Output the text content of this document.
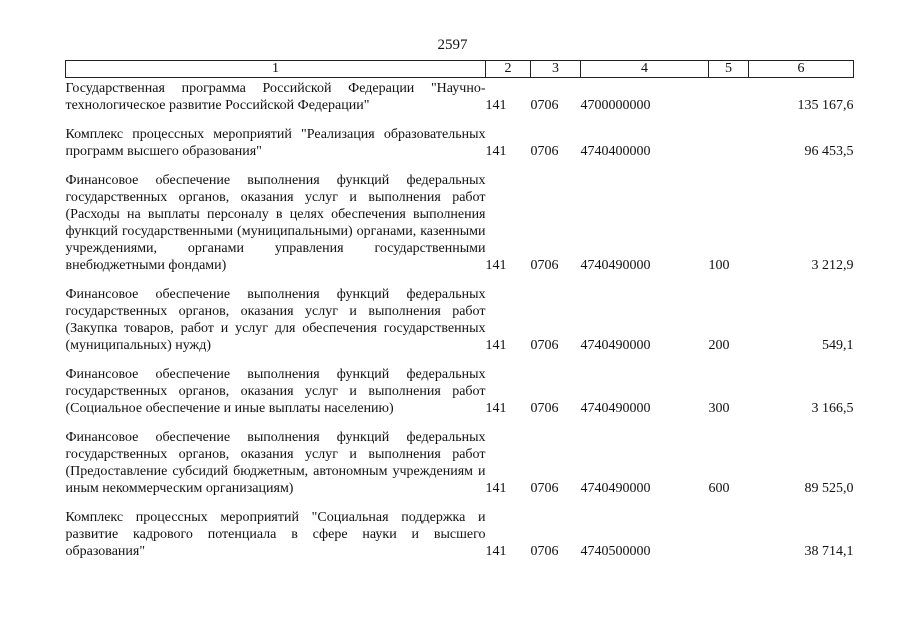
2597
1	2	3	4	5	6
Государственная программа Российской Федерации "Научно-технологическое развитие Российской Федерации"	141	0706	4700000000		135 167,6

Комплекс процессных мероприятий "Реализация образовательных программ высшего образования"	141	0706	4740400000		96 453,5

Финансовое обеспечение выполнения функций федеральных государственных органов, оказания услуг и выполнения работ (Расходы на выплаты персоналу в целях обеспечения выполнения функций государственными (муниципальными) органами, казенными учреждениями, органами управления государственными внебюджетными фондами)	141	0706	4740490000	100	3 212,9

Финансовое обеспечение выполнения функций федеральных государственных органов, оказания услуг и выполнения работ (Закупка товаров, работ и услуг для обеспечения государственных (муниципальных) нужд)	141	0706	4740490000	200	549,1

Финансовое обеспечение выполнения функций федеральных государственных органов, оказания услуг и выполнения работ (Социальное обеспечение и иные выплаты населению)	141	0706	4740490000	300	3 166,5

Финансовое обеспечение выполнения функций федеральных государственных органов, оказания услуг и выполнения работ (Предоставление субсидий бюджетным, автономным учреждениям и иным некоммерческим организациям)	141	0706	4740490000	600	89 525,0

Комплекс процессных мероприятий "Социальная поддержка и развитие кадрового потенциала в сфере науки и высшего образования"	141	0706	4740500000		38 714,1
